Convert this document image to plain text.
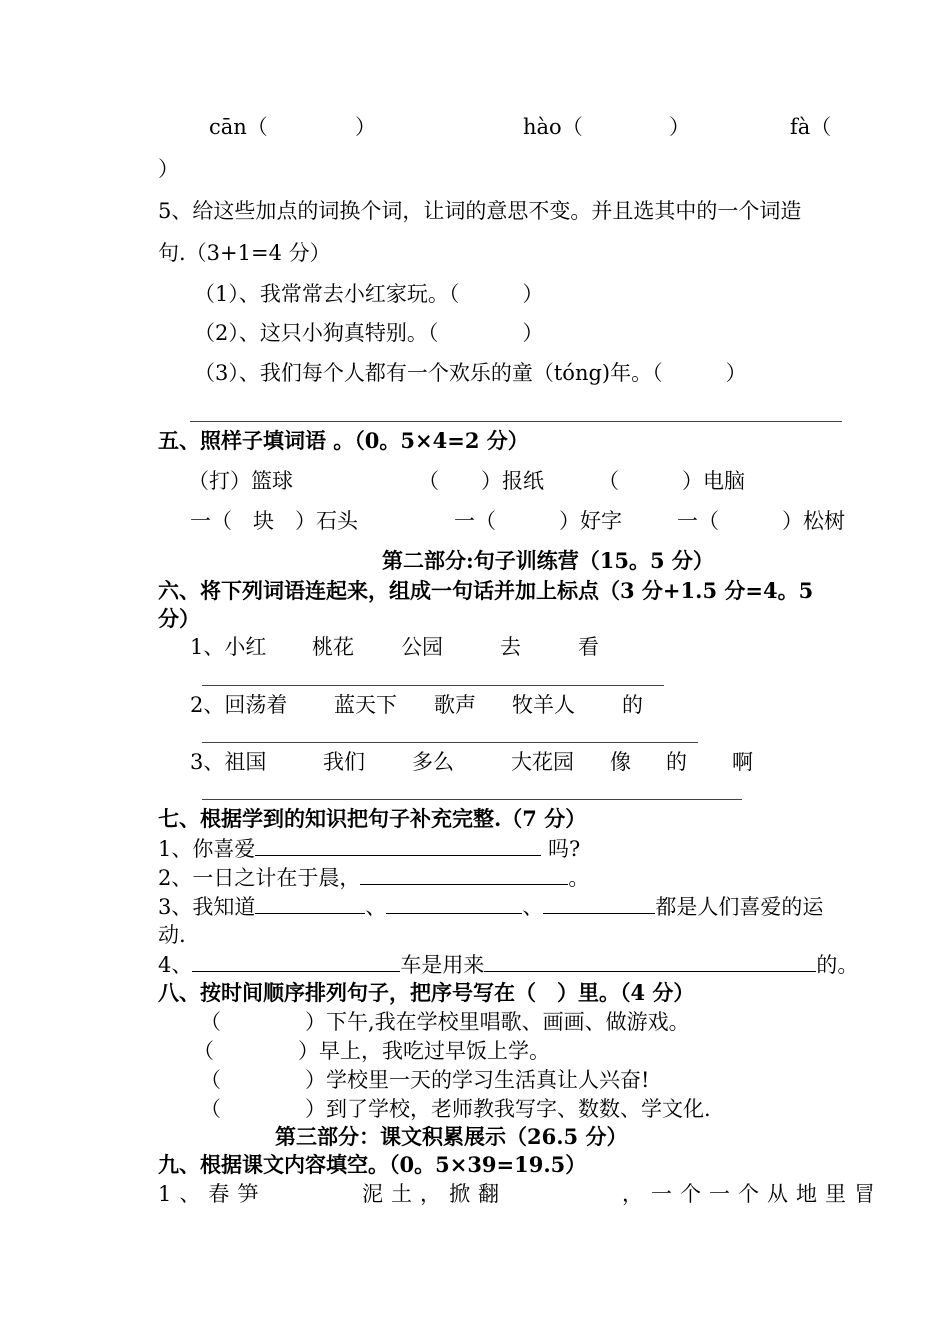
cān（	）	hào（	）	fà（
）
5、给这些加点的词换个词，让词的意思不变。并且选其中的一个词造
句.（3+1=4 分）
（1）、我常常去小红家玩。（　　　）
（2）、这只小狗真特别。（　　　　）
（3）、我们每个人都有一个欢乐的童（tóng)年。（　　　）
五、照样子填词语 。（0。5×4=2 分）
（打）篮球	（　　）报纸	（　　　）电脑
一（　块　）石头	一（　　　）好字	一（　　　）松树
第二部分:句子训练营（15。5 分）
六、将下列词语连起来，组成一句话并加上标点（3 分+1.5 分=4。5
分）
1、小红 桃花 公园	去	看
2、回荡着 蓝天下 歌声 牧羊人 的
3、祖国	我们 多么	大花园 像 的 啊
七、根据学到的知识把句子补充完整.（7 分）
1、你喜爱	吗?
2、一日之计在于晨，	。
3、我知道	、	、	都是人们喜爱的运
动.
4、	车是用来	的。
八、按时间顺序排列句子，把序号写在（　）里。（4 分）
（　　　　）下午,我在学校里唱歌、画画、做游戏。
（　　　　）早上，我吃过早饭上学。
（　　　　）学校里一天的学习生活真让人兴奋!
（　　　　）到了学校，老师教我写字、数数、学文化.
第三部分：课文积累展示（26.5 分）
九、根据课文内容填空。（0。5×39=19.5）
1、春笋	泥土，掀翻	，一个一个从地里冒
